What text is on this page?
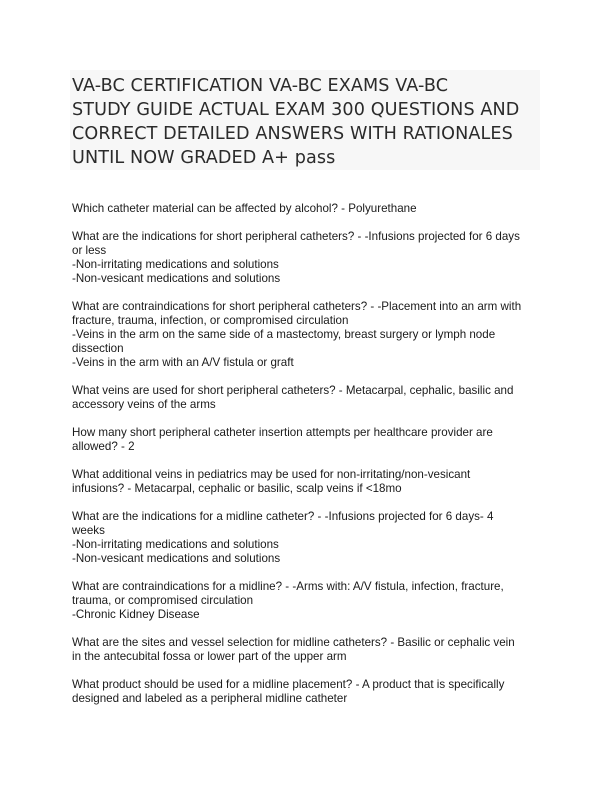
VA-BC CERTIFICATION VA-BC EXAMS VA-BC
STUDY GUIDE ACTUAL EXAM 300 QUESTIONS AND
CORRECT DETAILED ANSWERS WITH RATIONALES
UNTIL NOW GRADED A+ pass

Which catheter material can be affected by alcohol? - Polyurethane

What are the indications for short peripheral catheters? - -Infusions projected for 6 days
or less
-Non-irritating medications and solutions
-Non-vesicant medications and solutions

What are contraindications for short peripheral catheters? - -Placement into an arm with
fracture, trauma, infection, or compromised circulation
-Veins in the arm on the same side of a mastectomy, breast surgery or lymph node
dissection
-Veins in the arm with an A/V fistula or graft

What veins are used for short peripheral catheters? - Metacarpal, cephalic, basilic and
accessory veins of the arms

How many short peripheral catheter insertion attempts per healthcare provider are
allowed? - 2

What additional veins in pediatrics may be used for non-irritating/non-vesicant
infusions? - Metacarpal, cephalic or basilic, scalp veins if <18mo

What are the indications for a midline catheter? - -Infusions projected for 6 days- 4
weeks
-Non-irritating medications and solutions
-Non-vesicant medications and solutions

What are contraindications for a midline? - -Arms with: A/V fistula, infection, fracture,
trauma, or compromised circulation
-Chronic Kidney Disease

What are the sites and vessel selection for midline catheters? - Basilic or cephalic vein
in the antecubital fossa or lower part of the upper arm

What product should be used for a midline placement? - A product that is specifically
designed and labeled as a peripheral midline catheter
